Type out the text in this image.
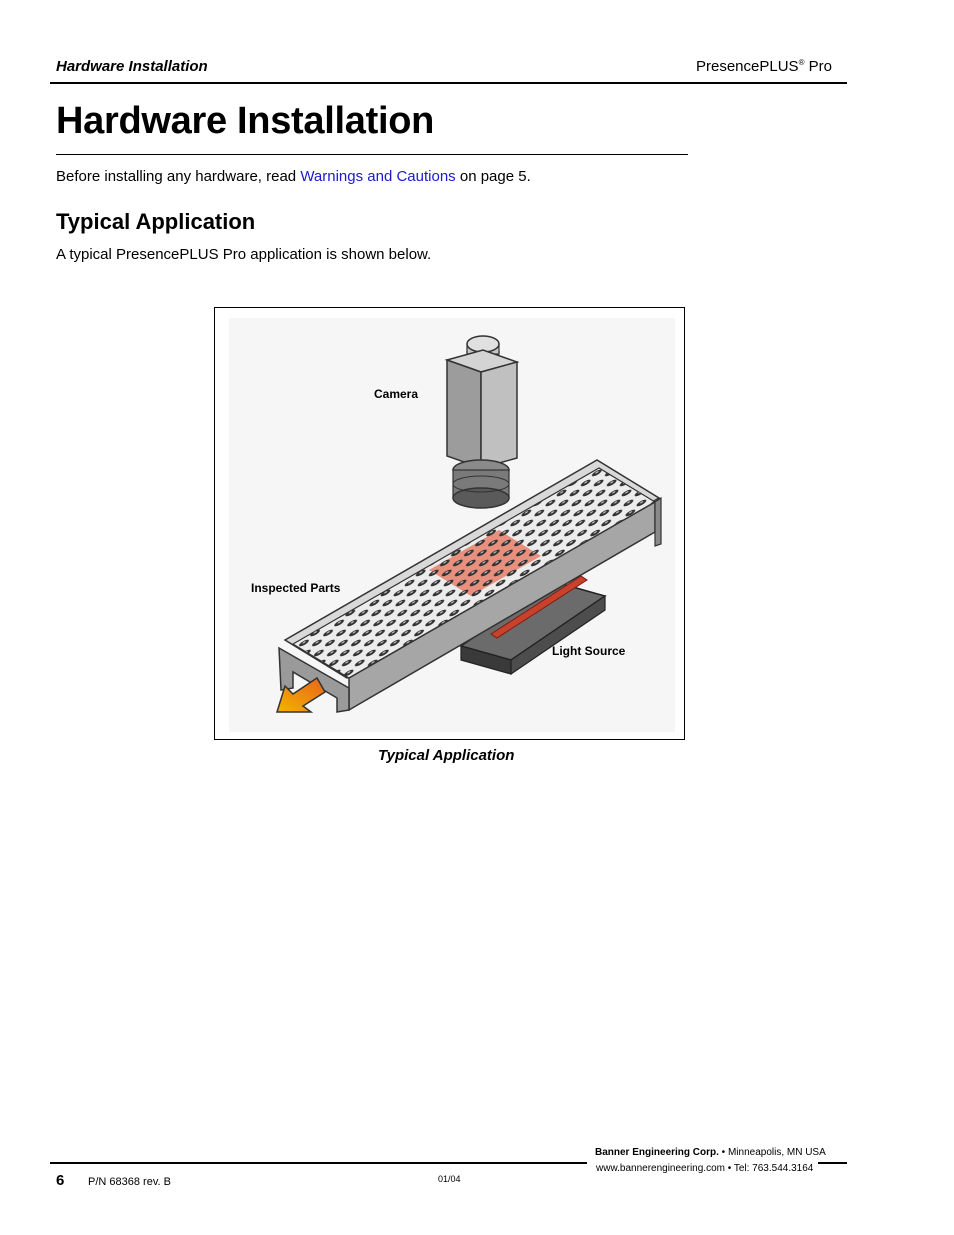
Hardware Installation	PresencePLUS® Pro
Hardware Installation
Before installing any hardware, read Warnings and Cautions on page 5.
Typical Application
A typical PresencePLUS Pro application is shown below.
Camera
Inspected Parts
Light Source
Typical Application
Banner Engineering Corp. • Minneapolis, MN USA
www.bannerengineering.com • Tel: 763.544.3164
6 P/N 68368 rev. B	01/04
